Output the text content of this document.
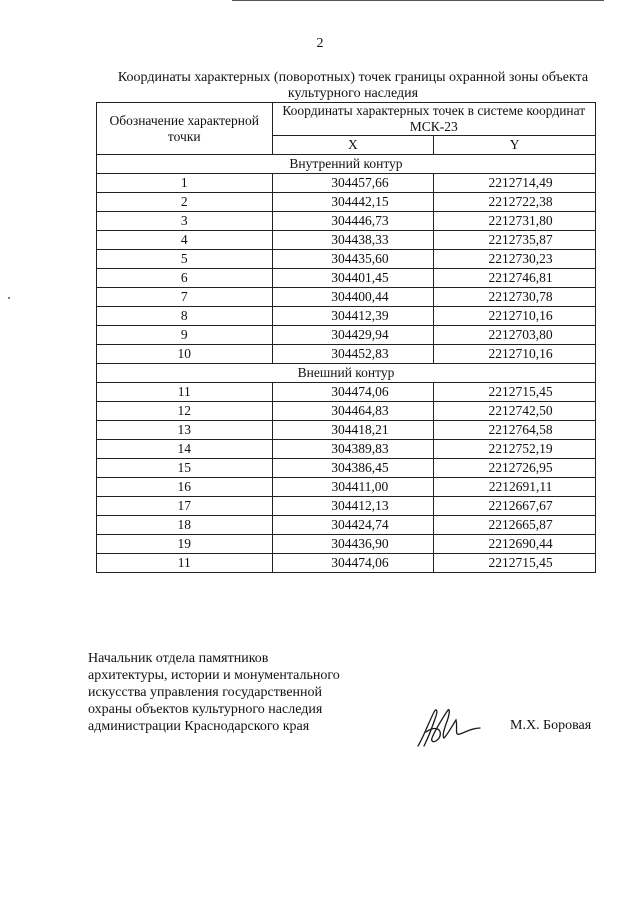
2
Координаты характерных (поворотных) точек границы охранной зоны объекта
культурного наследия
Обозначение характерной точки	Координаты характерных точек в системе координат МСК-23	
	X	Y
Внутренний контур		
1	304457,66	2212714,49
2	304442,15	2212722,38
3	304446,73	2212731,80
4	304438,33	2212735,87
5	304435,60	2212730,23
6	304401,45	2212746,81
7	304400,44	2212730,78
8	304412,39	2212710,16
9	304429,94	2212703,80
10	304452,83	2212710,16
Внешний контур		
11	304474,06	2212715,45
12	304464,83	2212742,50
13	304418,21	2212764,58
14	304389,83	2212752,19
15	304386,45	2212726,95
16	304411,00	2212691,11
17	304412,13	2212667,67
18	304424,74	2212665,87
19	304436,90	2212690,44
11	304474,06	2212715,45
Начальник отдела памятников
архитектуры, истории и монументального
искусства управления государственной
охраны объектов культурного наследия
администрации Краснодарского края	М.Х. Боровая
